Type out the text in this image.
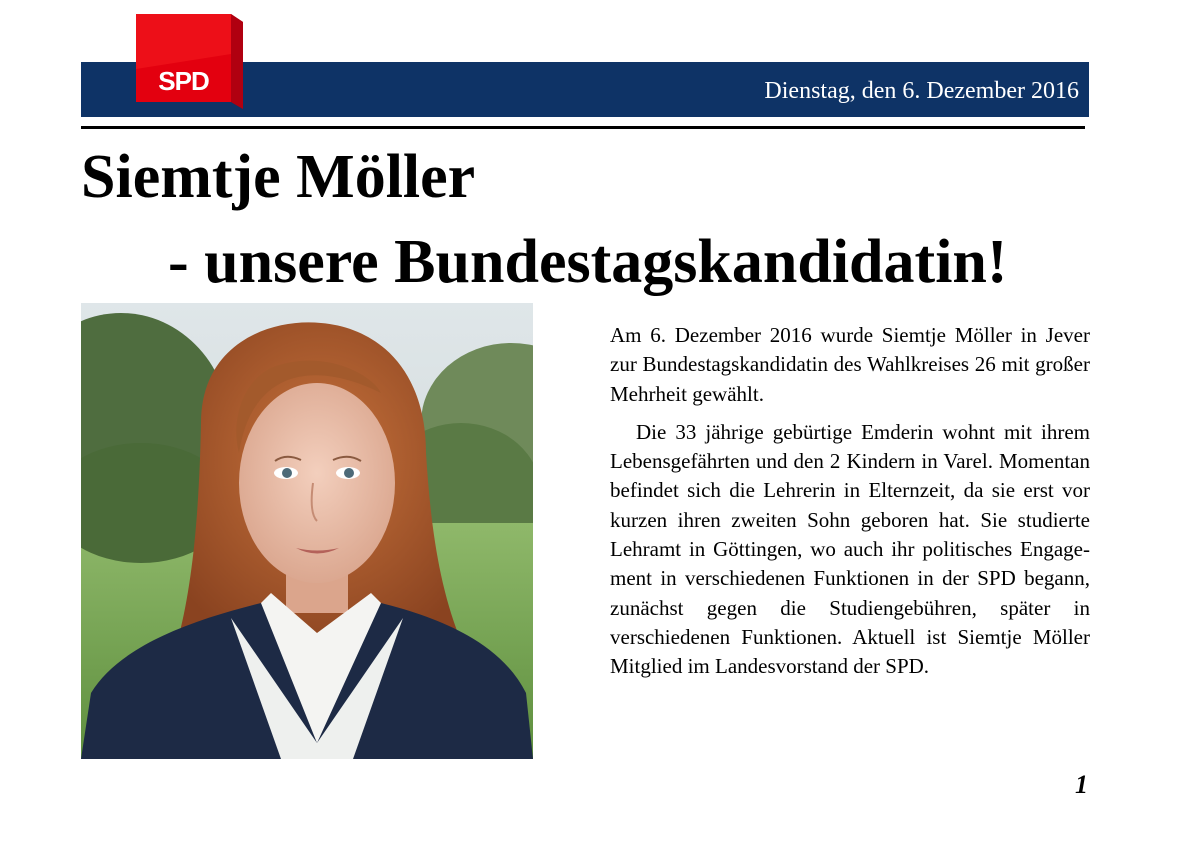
Dienstag, den 6. Dezember 2016
SPD
Siemtje Möller
- unsere Bundestagskandidatin!

Am 6. Dezember 2016 wurde Siemtje Möller in Jever zur Bundestagskandidatin des Wahlkreises 26 mit großer Mehrheit gewählt.

Die 33 jährige gebürtige Emderin wohnt mit ihrem Lebensgefährten und den 2 Kindern in Varel. Momentan befindet sich die Lehrerin in Elternzeit, da sie erst vor kurzen ihren zweiten Sohn geboren hat. Sie studierte Lehramt in Göttingen, wo auch ihr politisches Engagement in verschiedenen Funktionen in der SPD begann, zunächst gegen die Studiengebühren, später in verschiedenen Funktionen. Aktuell ist Siemtje Möller Mitglied im Landesvorstand der SPD.

1
